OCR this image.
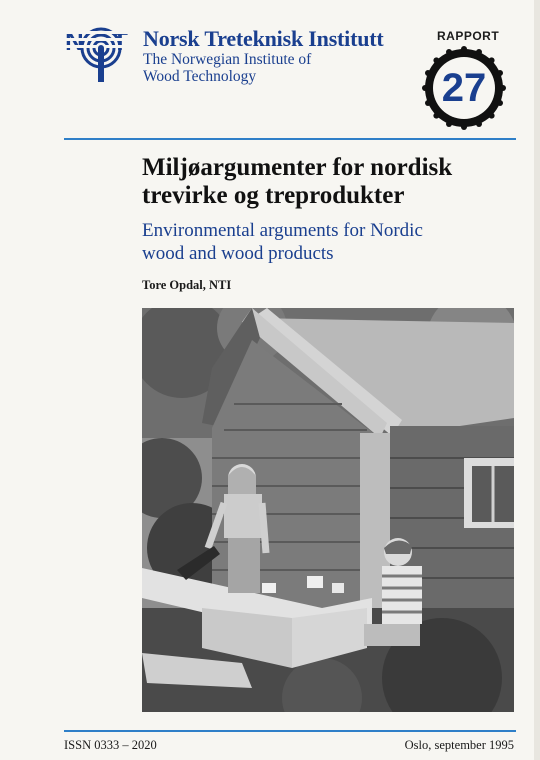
Norsk Treteknisk Institutt
The Norwegian Institute of
Wood Technology
RAPPORT
27
Miljøargumenter for nordisk
trevirke og treprodukter
Environmental arguments for Nordic
wood and wood products
Tore Opdal, NTI
ISSN 0333 – 2020	Oslo, september 1995
